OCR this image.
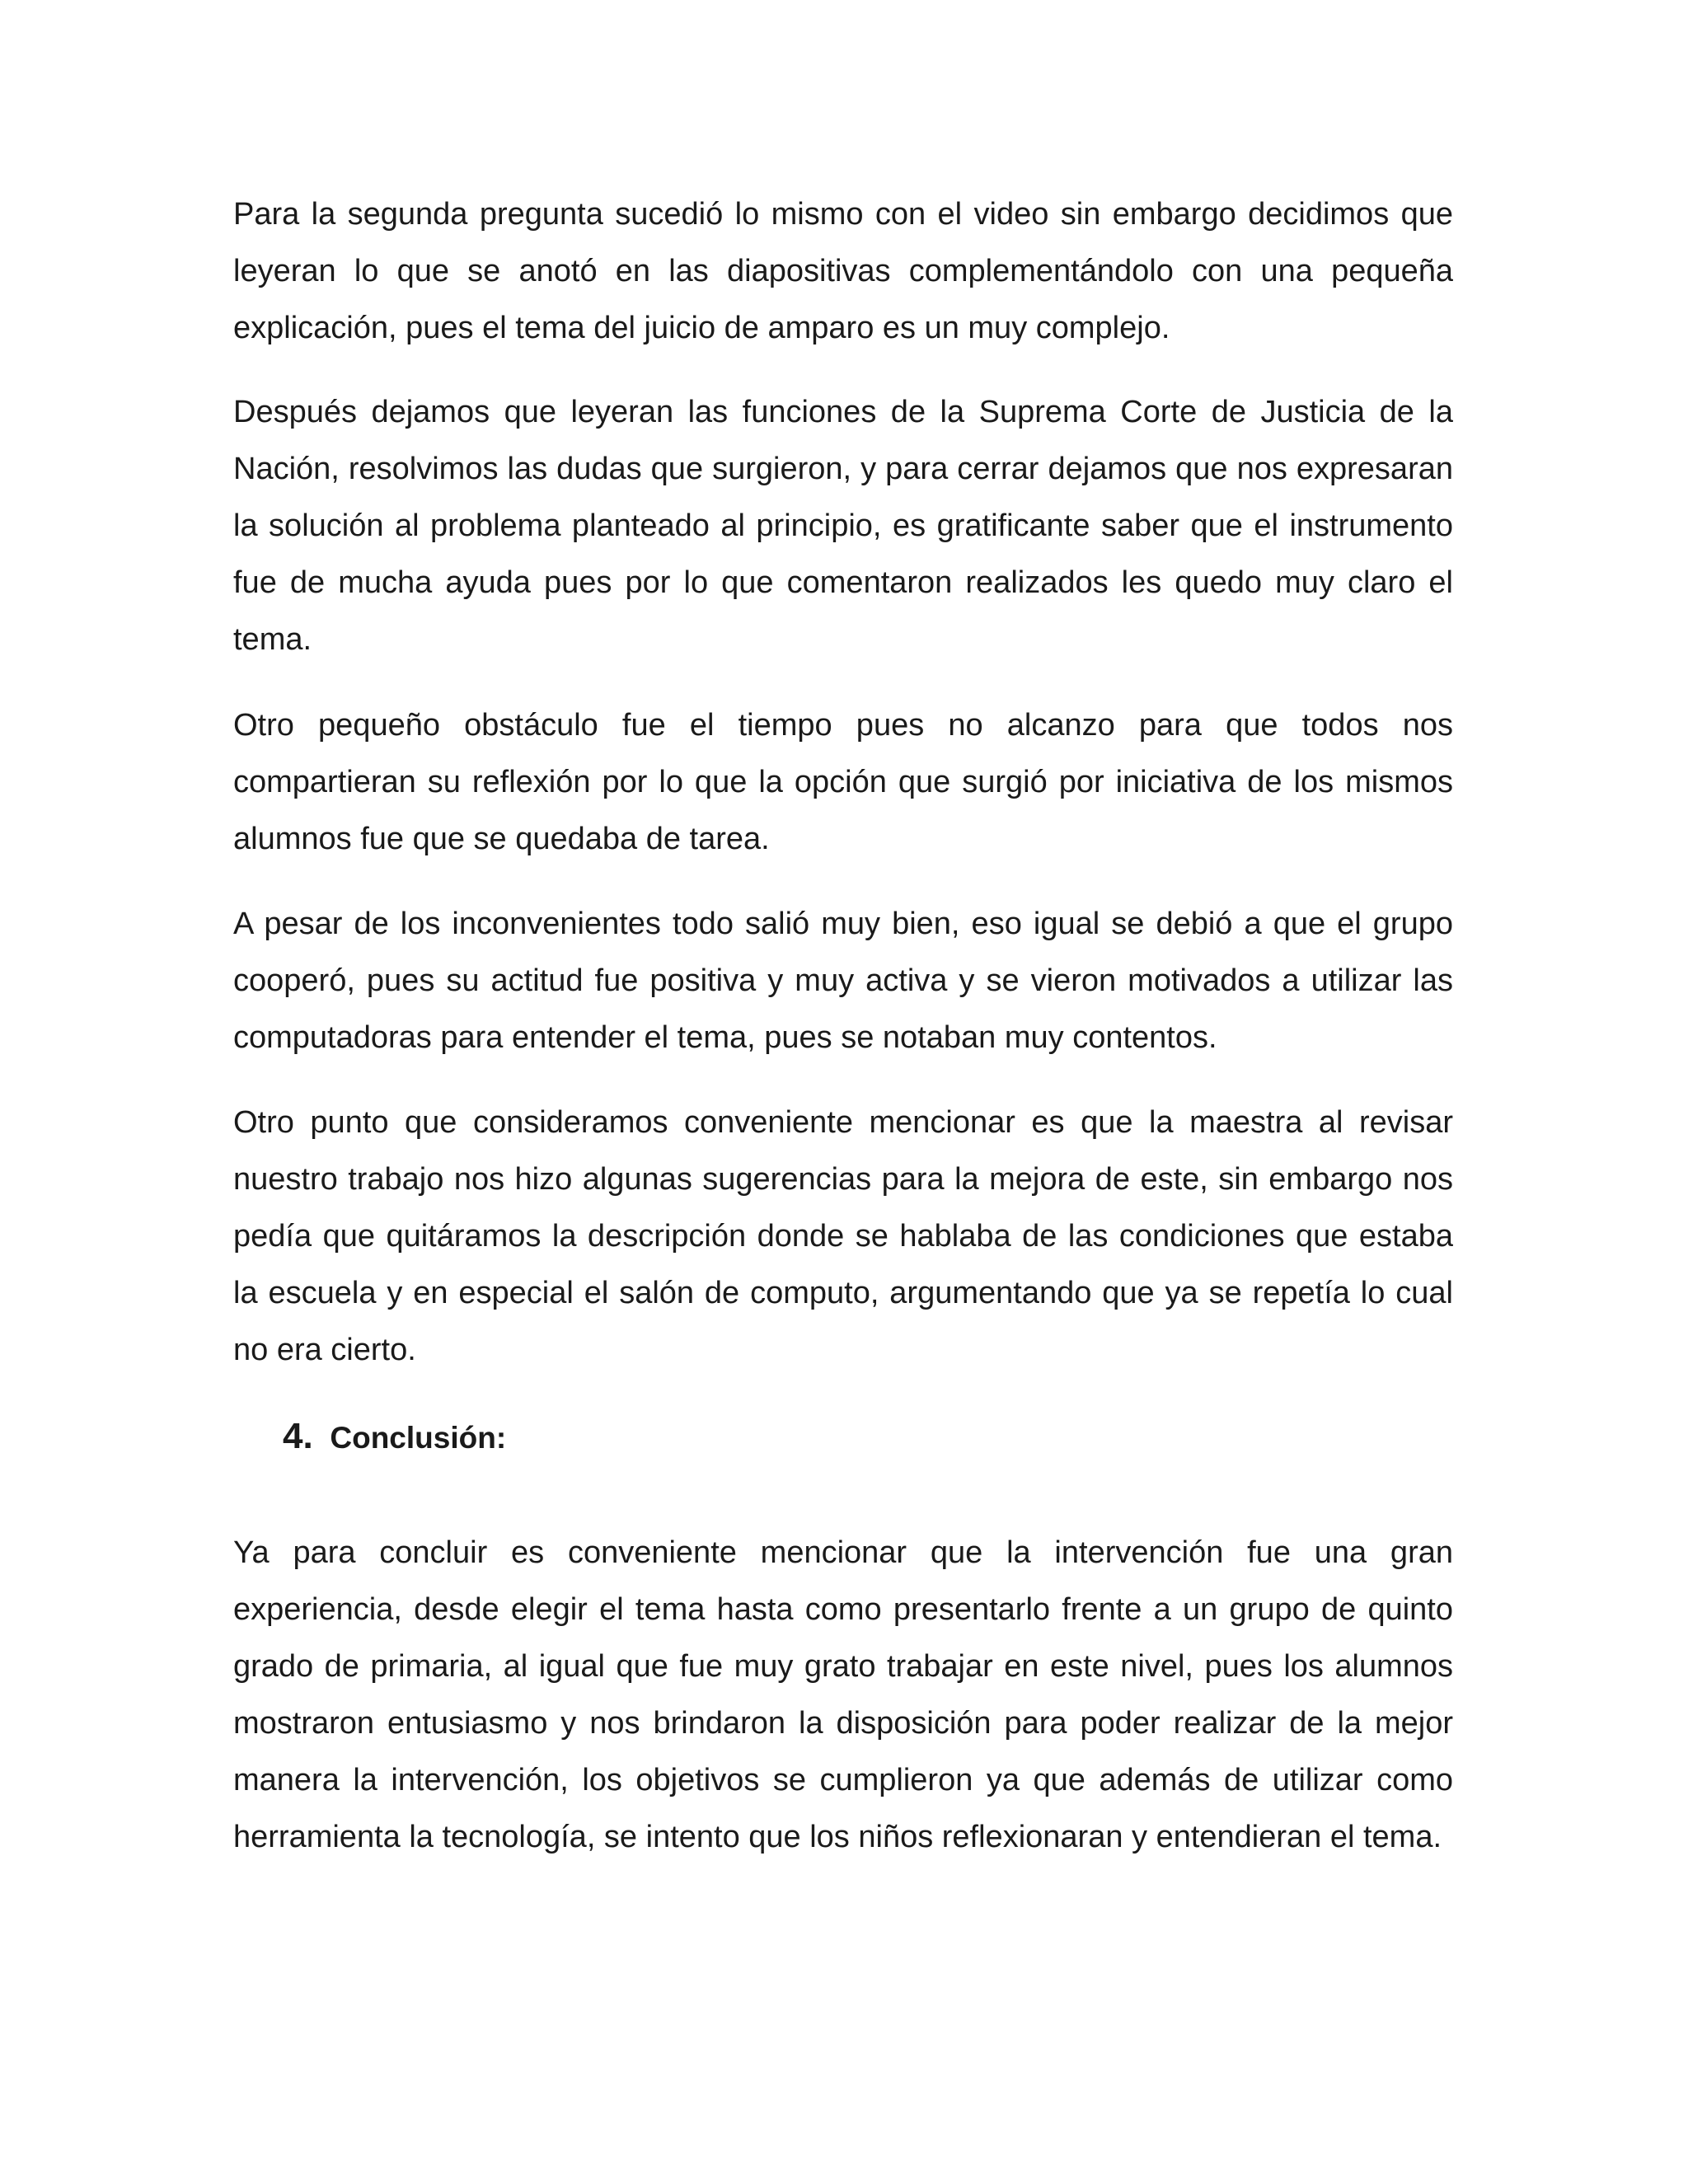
Para la segunda pregunta sucedió lo mismo con el video sin embargo decidimos que leyeran lo que se anotó en las diapositivas complementándolo con una pequeña explicación, pues el tema del juicio de amparo es un muy complejo.

Después dejamos que leyeran las funciones de la Suprema Corte de Justicia de la Nación, resolvimos las dudas que surgieron, y para cerrar dejamos que nos expresaran la solución al problema planteado al principio, es gratificante saber que el instrumento fue de mucha ayuda pues por lo que comentaron realizados les quedo muy claro el tema.

Otro pequeño obstáculo fue el tiempo pues no alcanzo para que todos nos compartieran su reflexión por lo que la opción que surgió por iniciativa de los mismos alumnos fue que se quedaba de tarea.

A pesar de los inconvenientes todo salió muy bien, eso igual se debió a que el grupo cooperó, pues su actitud fue positiva y muy activa y se vieron motivados a utilizar las computadoras para entender el tema, pues se notaban muy contentos.

Otro punto que consideramos conveniente mencionar es que la maestra al revisar nuestro trabajo nos hizo algunas sugerencias para la mejora de este, sin embargo nos pedía que quitáramos la descripción donde se hablaba de las condiciones que estaba la escuela y en especial el salón de computo, argumentando que ya se repetía lo cual no era cierto.

4. Conclusión:

Ya para concluir es conveniente mencionar que la intervención fue una gran experiencia, desde elegir el tema hasta como presentarlo frente a un grupo de quinto grado de primaria, al igual que fue muy grato trabajar en este nivel, pues los alumnos mostraron entusiasmo y nos brindaron la disposición para poder realizar de la mejor manera la intervención, los objetivos se cumplieron ya que además de utilizar como herramienta la tecnología, se intento que los niños reflexionaran y entendieran el tema.
